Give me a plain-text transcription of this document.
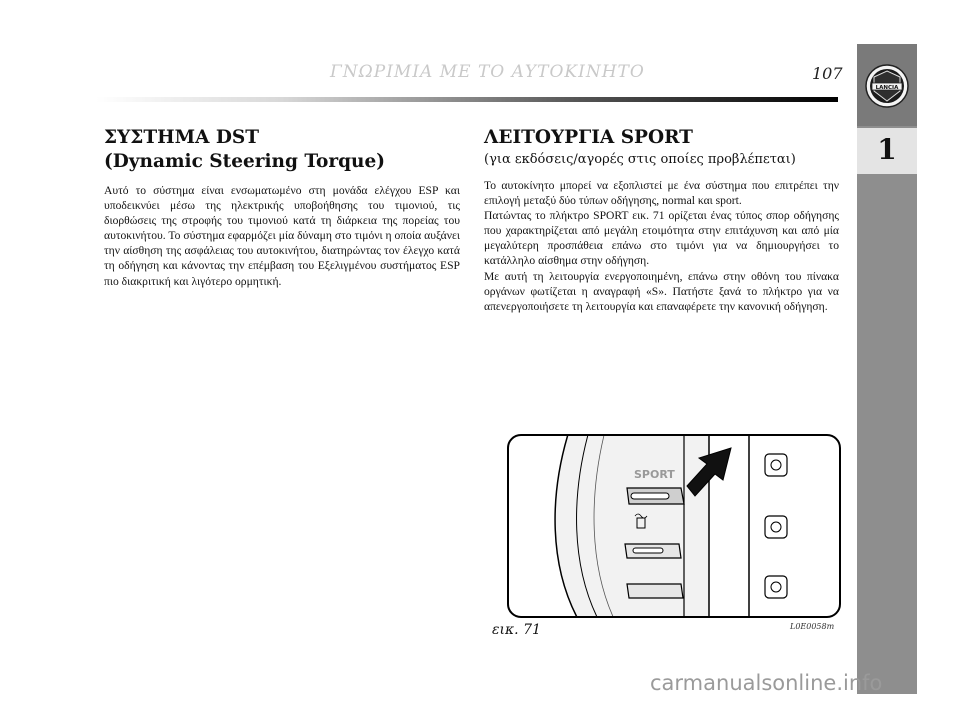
ΓΝΩΡΙΜΙΑ ΜΕ ΤΟ ΑΥΤΟΚΙΝΗΤΟ	107
LANCIA
1
ΣΥΣΤΗΜΑ DST
(Dynamic Steering Torque)

Αυτό το σύστημα είναι ενσωματωμένο στη μονάδα ελέγχου ESP και υποδεικνύει μέσω της ηλεκτρικής υποβοήθησης του τιμονιού, τις διορθώσεις της στροφής του τιμονιού κατά τη διάρκεια της πορείας του αυτοκινήτου. Το σύστημα εφαρμόζει μία δύναμη στο τιμόνι η οποία αυξάνει την αίσθηση της ασφάλειας του αυτοκινήτου, διατηρώντας τον έλεγχο κατά τη οδήγηση και κάνοντας την επέμβαση του Εξελιγμένου συστήματος ESP πιο διακριτική και λιγότερο ορμητική.

ΛΕΙΤΟΥΡΓΙΑ SPORT
(για εκδόσεις/αγορές στις οποίες προβλέπεται)

Το αυτοκίνητο μπορεί να εξοπλιστεί με ένα σύστημα που επιτρέπει την επιλογή μεταξύ δύο τύπων οδήγησης, normal και sport.

Πατώντας το πλήκτρο SPORT εικ. 71 ορίζεται ένας τύπος σπορ οδήγησης που χαρακτηρίζεται από μεγάλη ετοιμότητα στην επιτάχυνση και από μία μεγαλύτερη προσπάθεια επάνω στο τιμόνι για να δημιουργήσει το κατάλληλο αίσθημα στην οδήγηση.

Με αυτή τη λειτουργία ενεργοποιημένη, επάνω στην οθόνη του πίνακα οργάνων φωτίζεται η αναγραφή «S». Πατήστε ξανά το πλήκτρο για να απενεργοποιήσετε τη λειτουργία και επαναφέρετε την κανονική οδήγηση.

SPORT
εικ. 71	L0E0058m
carmanualsonline.info
